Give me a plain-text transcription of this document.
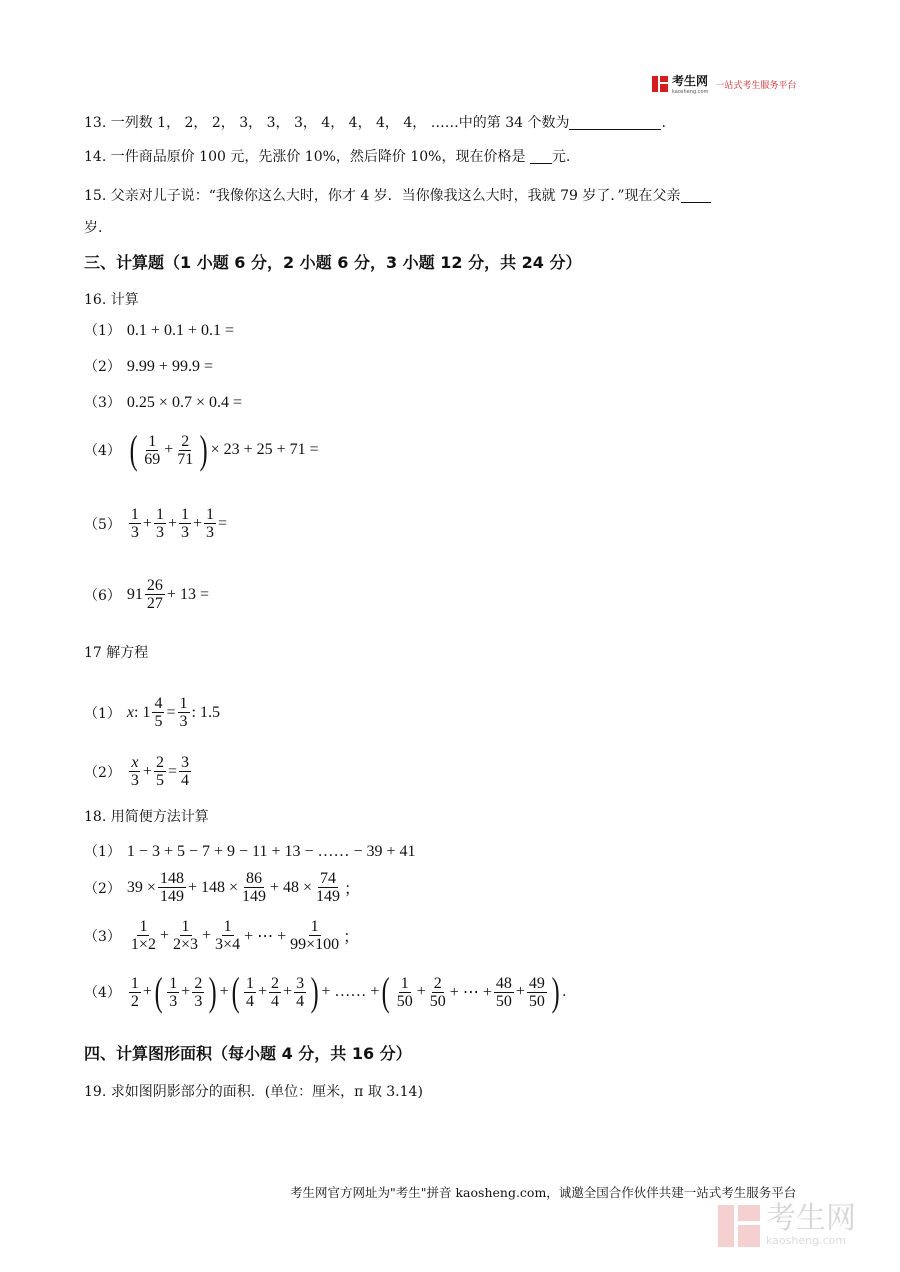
考生网
kaosheng.com
一站式考生服务平台
13. 一列数 1， 2， 2， 3， 3， 3， 4， 4， 4， 4， ……中的第 34 个数为	.
14. 一件商品原价 100 元，先涨价 10%，然后降价 10%，现在价格是 元.
15. 父亲对儿子说：“我像你这么大时，你才 4 岁．当你像我这么大时，我就 79 岁了．”现在父亲
岁.
三、计算题（1 小题 6 分，2 小题 6 分，3 小题 12 分，共 24 分）
16. 计算
（1） 0.1 + 0.1 + 0.1 =
（2） 9.99 + 99.9 =
（3） 0.25 × 0.7 × 0.4 =
（4） ( $\frac{1}{69} + \frac{2}{71}$ ) × 23 + 25 + 71 =
$(5) \frac{1}{3} + \frac{1}{3} + \frac{1}{3} + \frac{1}{3}$ =
（6） $91 \frac{26}{27} + 13$ =
17 解方程
（1） x : $1 \frac{4}{5} = \frac{1}{3}$ : 1.5
$(2) \frac{x}{3} + \frac{2}{5} = \frac{3}{4}$
18. 用简便方法计算
（1） 1 − 3 + 5 − 7 + 9 − 11 + 13 − …… − 39 + 41
（2） $39 \times \frac{148}{149} + 148 \times \frac{86}{149} + 48 \times \frac{74}{149}$ ；
$(3) \frac{1}{1\times 2} + \frac{1}{2\times 3} + \frac{1}{3\times 4}$ + ⋯ + $\frac{1}{99\times 100}$ ；
$(4) \frac{1}{2}$ + ( $\frac{1}{3} + \frac{2}{3}$ ) + ( $\frac{1}{4} + \frac{2}{4} + \frac{3}{4}$ ) + …… + ( $\frac{1}{50} + \frac{2}{50}$ + ⋯ + $\frac{48}{50} + \frac{49}{50}$ ) .
四、计算图形面积（每小题 4 分，共 16 分）
19. 求如图阴影部分的面积．(单位：厘米，π 取 3.14)
考生网官方网址为"考生"拼音 kaosheng.com，诚邀全国合作伙伴共建一站式考生服务平台
考生网
kaosheng.com
